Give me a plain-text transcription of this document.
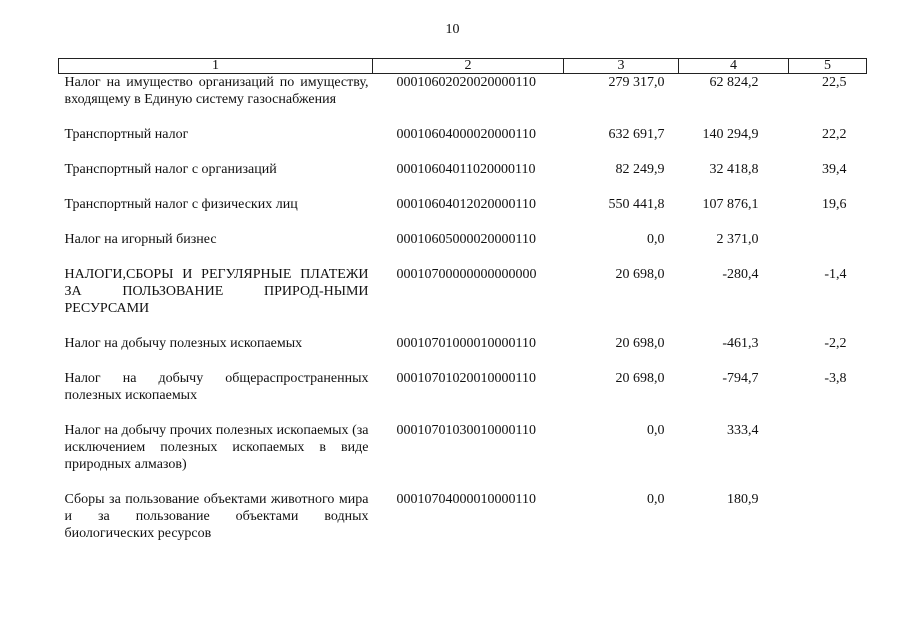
10
1	2	3	4	5
Налог на имущество организаций по имуществу, входящему в Единую систему газоснабжения	00010602020020000110	279 317,0	62 824,2	22,5
Транспортный налог	00010604000020000110	632 691,7	140 294,9	22,2
Транспортный налог с организаций	00010604011020000110	82 249,9	32 418,8	39,4
Транспортный налог с физических лиц	00010604012020000110	550 441,8	107 876,1	19,6
Налог на игорный бизнес	00010605000020000110	0,0	2 371,0	
НАЛОГИ,СБОРЫ И РЕГУЛЯРНЫЕ ПЛАТЕЖИ ЗА ПОЛЬЗОВАНИЕ ПРИРОД-НЫМИ РЕСУРСАМИ	00010700000000000000	20 698,0	-280,4	-1,4
Налог на добычу полезных ископаемых	00010701000010000110	20 698,0	-461,3	-2,2
Налог на добычу общераспространенных полезных ископаемых	00010701020010000110	20 698,0	-794,7	-3,8
Налог на добычу прочих полезных ископаемых (за исключением полезных ископаемых в виде природных алмазов)	00010701030010000110	0,0	333,4	
Сборы за пользование объектами животного мира и за пользование объектами водных биологических ресурсов	00010704000010000110	0,0	180,9	
